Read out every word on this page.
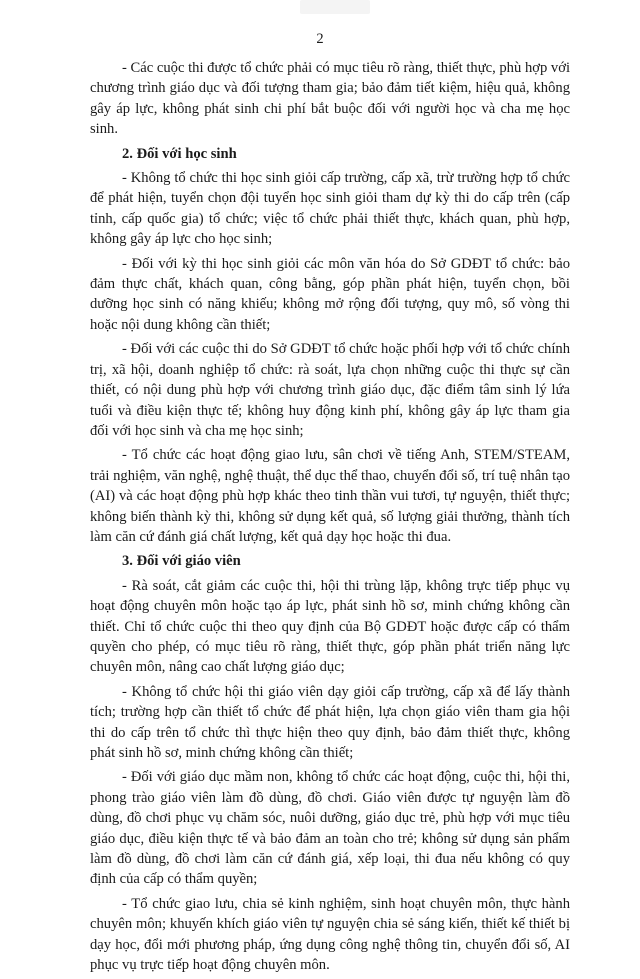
2

- Các cuộc thi được tổ chức phải có mục tiêu rõ ràng, thiết thực, phù hợp với chương trình giáo dục và đối tượng tham gia; bảo đảm tiết kiệm, hiệu quả, không gây áp lực, không phát sinh chi phí bắt buộc đối với người học và cha mẹ học sinh.

2. Đối với học sinh

- Không tổ chức thi học sinh giỏi cấp trường, cấp xã, trừ trường hợp tổ chức để phát hiện, tuyển chọn đội tuyển học sinh giỏi tham dự kỳ thi do cấp trên (cấp tỉnh, cấp quốc gia) tổ chức; việc tổ chức phải thiết thực, khách quan, phù hợp, không gây áp lực cho học sinh;

- Đối với kỳ thi học sinh giỏi các môn văn hóa do Sở GDĐT tổ chức: bảo đảm thực chất, khách quan, công bằng, góp phần phát hiện, tuyển chọn, bồi dưỡng học sinh có năng khiếu; không mở rộng đối tượng, quy mô, số vòng thi hoặc nội dung không cần thiết;

- Đối với các cuộc thi do Sở GDĐT tổ chức hoặc phối hợp với tổ chức chính trị, xã hội, doanh nghiệp tổ chức: rà soát, lựa chọn những cuộc thi thực sự cần thiết, có nội dung phù hợp với chương trình giáo dục, đặc điểm tâm sinh lý lứa tuổi và điều kiện thực tế; không huy động kinh phí, không gây áp lực tham gia đối với học sinh và cha mẹ học sinh;

- Tổ chức các hoạt động giao lưu, sân chơi về tiếng Anh, STEM/STEAM, trải nghiệm, văn nghệ, nghệ thuật, thể dục thể thao, chuyển đổi số, trí tuệ nhân tạo (AI) và các hoạt động phù hợp khác theo tinh thần vui tươi, tự nguyện, thiết thực; không biến thành kỳ thi, không sử dụng kết quả, số lượng giải thưởng, thành tích làm căn cứ đánh giá chất lượng, kết quả dạy học hoặc thi đua.

3. Đối với giáo viên

- Rà soát, cắt giảm các cuộc thi, hội thi trùng lặp, không trực tiếp phục vụ hoạt động chuyên môn hoặc tạo áp lực, phát sinh hồ sơ, minh chứng không cần thiết. Chỉ tổ chức cuộc thi theo quy định của Bộ GDĐT hoặc được cấp có thẩm quyền cho phép, có mục tiêu rõ ràng, thiết thực, góp phần phát triển năng lực chuyên môn, nâng cao chất lượng giáo dục;

- Không tổ chức hội thi giáo viên dạy giỏi cấp trường, cấp xã để lấy thành tích; trường hợp cần thiết tổ chức để phát hiện, lựa chọn giáo viên tham gia hội thi do cấp trên tổ chức thì thực hiện theo quy định, bảo đảm thiết thực, không phát sinh hồ sơ, minh chứng không cần thiết;

- Đối với giáo dục mầm non, không tổ chức các hoạt động, cuộc thi, hội thi, phong trào giáo viên làm đồ dùng, đồ chơi. Giáo viên được tự nguyện làm đồ dùng, đồ chơi phục vụ chăm sóc, nuôi dưỡng, giáo dục trẻ, phù hợp với mục tiêu giáo dục, điều kiện thực tế và bảo đảm an toàn cho trẻ; không sử dụng sản phẩm làm đồ dùng, đồ chơi làm căn cứ đánh giá, xếp loại, thi đua nếu không có quy định của cấp có thẩm quyền;

- Tổ chức giao lưu, chia sẻ kinh nghiệm, sinh hoạt chuyên môn, thực hành chuyên môn; khuyến khích giáo viên tự nguyện chia sẻ sáng kiến, thiết kế thiết bị dạy học, đổi mới phương pháp, ứng dụng công nghệ thông tin, chuyển đổi số, AI phục vụ trực tiếp hoạt động chuyên môn.
